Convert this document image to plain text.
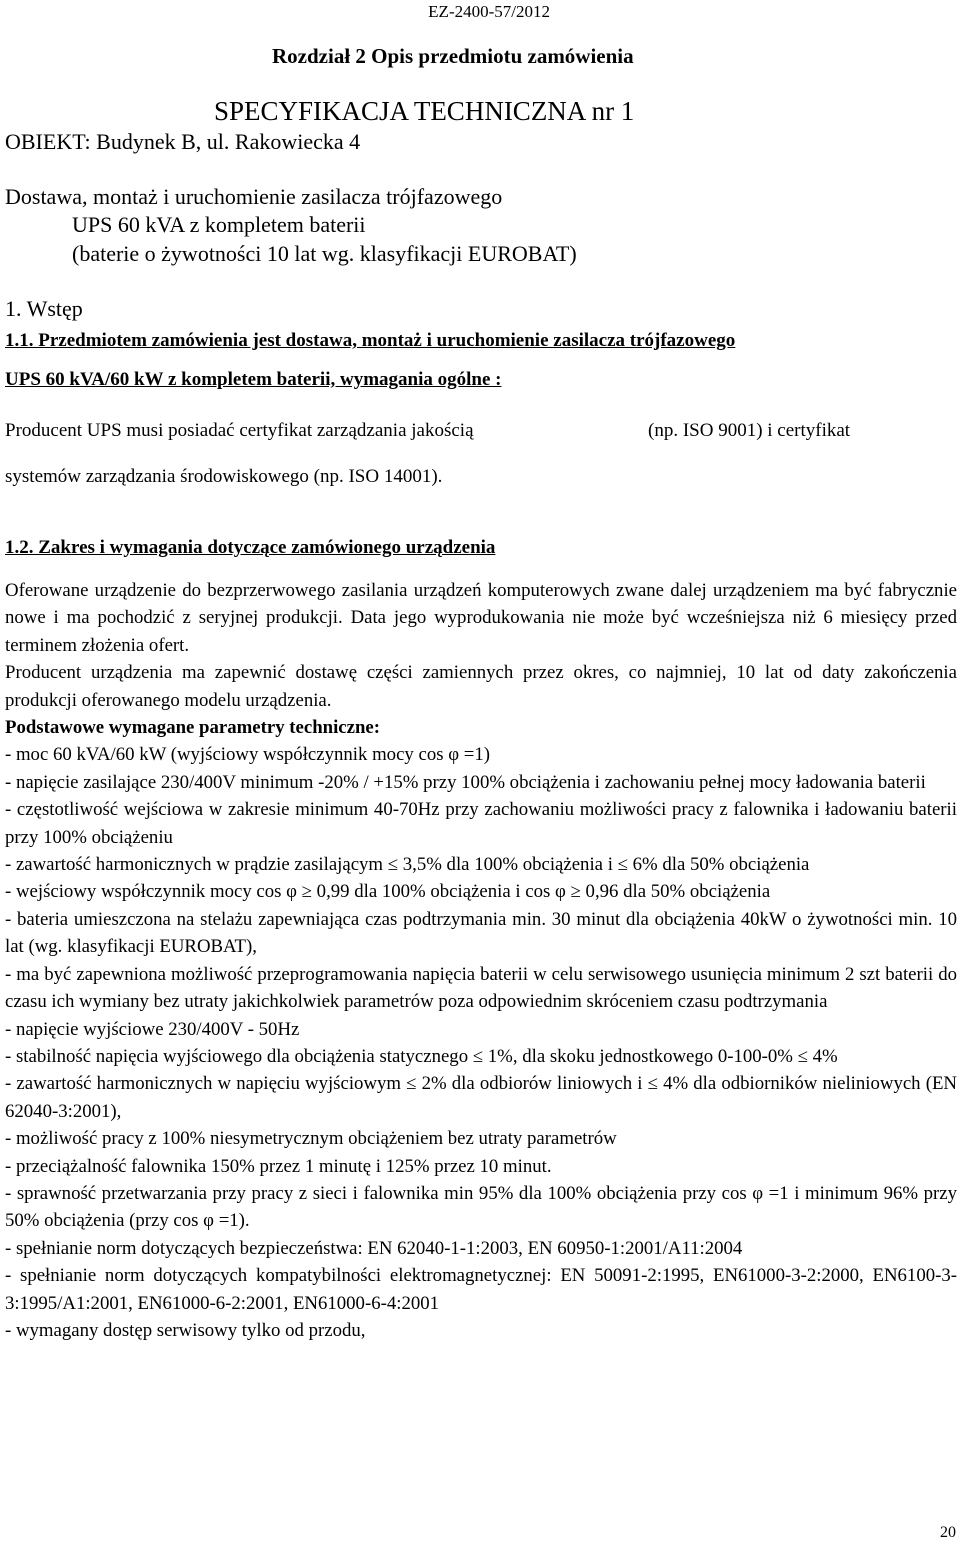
EZ-2400-57/2012
Rozdział 2 Opis przedmiotu zamówienia
SPECYFIKACJA TECHNICZNA nr 1
OBIEKT: Budynek B, ul. Rakowiecka 4
Dostawa, montaż i uruchomienie zasilacza trójfazowego
UPS 60 kVA z kompletem baterii
(baterie o żywotności 10 lat wg. klasyfikacji EUROBAT)
1. Wstęp
1.1. Przedmiotem zamówienia jest dostawa, montaż i uruchomienie zasilacza trójfazowego
UPS 60 kVA/60 kW z kompletem baterii, wymagania ogólne :
Producent UPS musi posiadać certyfikat zarządzania jakością	(np. ISO 9001) i certyfikat
systemów zarządzania środowiskowego (np. ISO 14001).
1.2. Zakres i wymagania dotyczące zamówionego urządzenia

Oferowane urządzenie do bezprzerwowego zasilania urządzeń komputerowych zwane dalej urządzeniem ma być fabrycznie nowe i ma pochodzić z seryjnej produkcji. Data jego wyprodukowania nie może być wcześniejsza niż 6 miesięcy przed terminem złożenia ofert.

Producent urządzenia ma zapewnić dostawę części zamiennych przez okres, co najmniej, 10 lat od daty zakończenia produkcji oferowanego modelu urządzenia.

Podstawowe wymagane parametry techniczne:

- moc 60 kVA/60 kW (wyjściowy współczynnik mocy cos φ =1)

- napięcie zasilające 230/400V minimum -20% / +15% przy 100% obciążenia i zachowaniu pełnej mocy ładowania baterii

- częstotliwość wejściowa w zakresie minimum 40-70Hz przy zachowaniu możliwości pracy z falownika i ładowaniu baterii przy 100% obciążeniu

- zawartość harmonicznych w prądzie zasilającym ≤ 3,5% dla 100% obciążenia i ≤ 6% dla 50% obciążenia

- wejściowy współczynnik mocy cos φ ≥ 0,99 dla 100% obciążenia i cos φ ≥ 0,96 dla 50% obciążenia

- bateria umieszczona na stelażu zapewniająca czas podtrzymania min. 30 minut dla obciążenia 40kW o żywotności min. 10 lat (wg. klasyfikacji EUROBAT),

- ma być zapewniona możliwość przeprogramowania napięcia baterii w celu serwisowego usunięcia minimum 2 szt baterii do czasu ich wymiany bez utraty jakichkolwiek parametrów poza odpowiednim skróceniem czasu podtrzymania

- napięcie wyjściowe 230/400V - 50Hz

- stabilność napięcia wyjściowego dla obciążenia statycznego ≤ 1%, dla skoku jednostkowego 0-100-0% ≤ 4%

- zawartość harmonicznych w napięciu wyjściowym ≤ 2% dla odbiorów liniowych i ≤ 4% dla odbiorników nieliniowych (EN 62040-3:2001),

- możliwość pracy z 100% niesymetrycznym obciążeniem bez utraty parametrów

- przeciążalność falownika 150% przez 1 minutę i 125% przez 10 minut.

- sprawność przetwarzania przy pracy z sieci i falownika min 95% dla 100% obciążenia przy cos φ =1 i minimum 96% przy 50% obciążenia (przy cos φ =1).

- spełnianie norm dotyczących bezpieczeństwa: EN 62040-1-1:2003, EN 60950-1:2001/A11:2004

- spełnianie norm dotyczących kompatybilności elektromagnetycznej: EN 50091-2:1995, EN61000-3-2:2000, EN6100-3-3:1995/A1:2001, EN61000-6-2:2001, EN61000-6-4:2001

- wymagany dostęp serwisowy tylko od przodu,

20
